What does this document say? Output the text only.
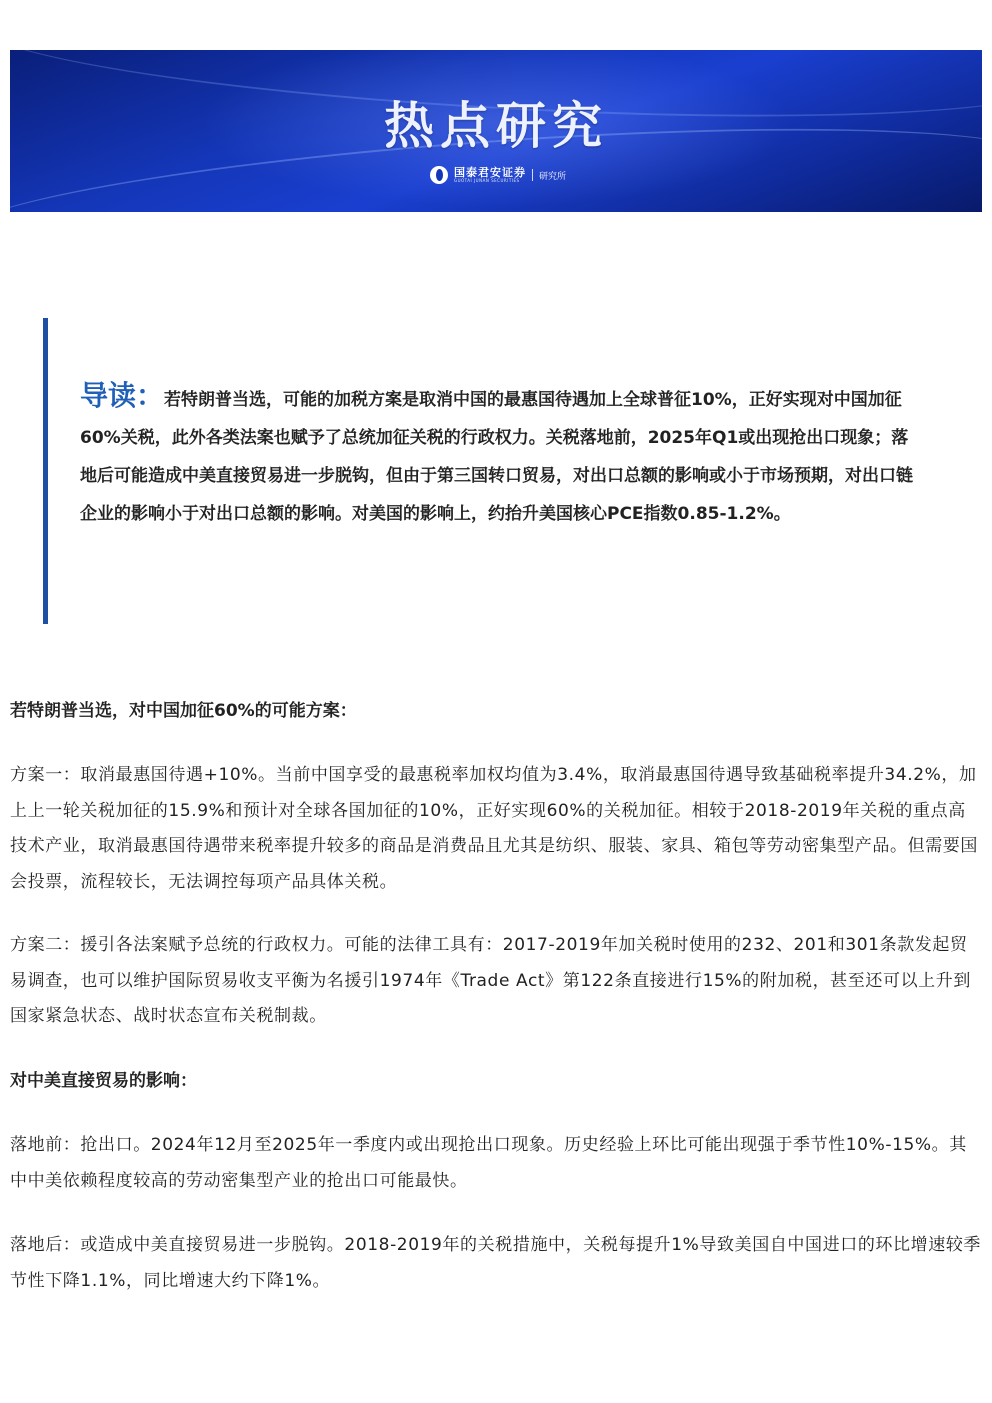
热点研究
国泰君安证券
GUOTAI JUNAN SECURITIES	研究所
导读：若特朗普当选，可能的加税方案是取消中国的最惠国待遇加上全球普征10%，正好实现对中国加征60%关税，此外各类法案也赋予了总统加征关税的行政权力。关税落地前，2025年Q1或出现抢出口现象；落地后可能造成中美直接贸易进一步脱钩，但由于第三国转口贸易，对出口总额的影响或小于市场预期，对出口链企业的影响小于对出口总额的影响。对美国的影响上，约抬升美国核心PCE指数0.85-1.2%。
若特朗普当选，对中国加征60%的可能方案：
方案一：取消最惠国待遇+10%。当前中国享受的最惠税率加权均值为3.4%，取消最惠国待遇导致基础税率提升34.2%，加上上一轮关税加征的15.9%和预计对全球各国加征的10%，正好实现60%的关税加征。相较于2018-2019年关税的重点高技术产业，取消最惠国待遇带来税率提升较多的商品是消费品且尤其是纺织、服装、家具、箱包等劳动密集型产品。但需要国会投票，流程较长，无法调控每项产品具体关税。
方案二：援引各法案赋予总统的行政权力。可能的法律工具有：2017-2019年加关税时使用的232、201和301条款发起贸易调查，也可以维护国际贸易收支平衡为名援引1974年《Trade Act》第122条直接进行15%的附加税，甚至还可以上升到国家紧急状态、战时状态宣布关税制裁。
对中美直接贸易的影响：
落地前：抢出口。2024年12月至2025年一季度内或出现抢出口现象。历史经验上环比可能出现强于季节性10%-15%。其中中美依赖程度较高的劳动密集型产业的抢出口可能最快。
落地后：或造成中美直接贸易进一步脱钩。2018-2019年的关税措施中，关税每提升1%导致美国自中国进口的环比增速较季节性下降1.1%，同比增速大约下降1%。
